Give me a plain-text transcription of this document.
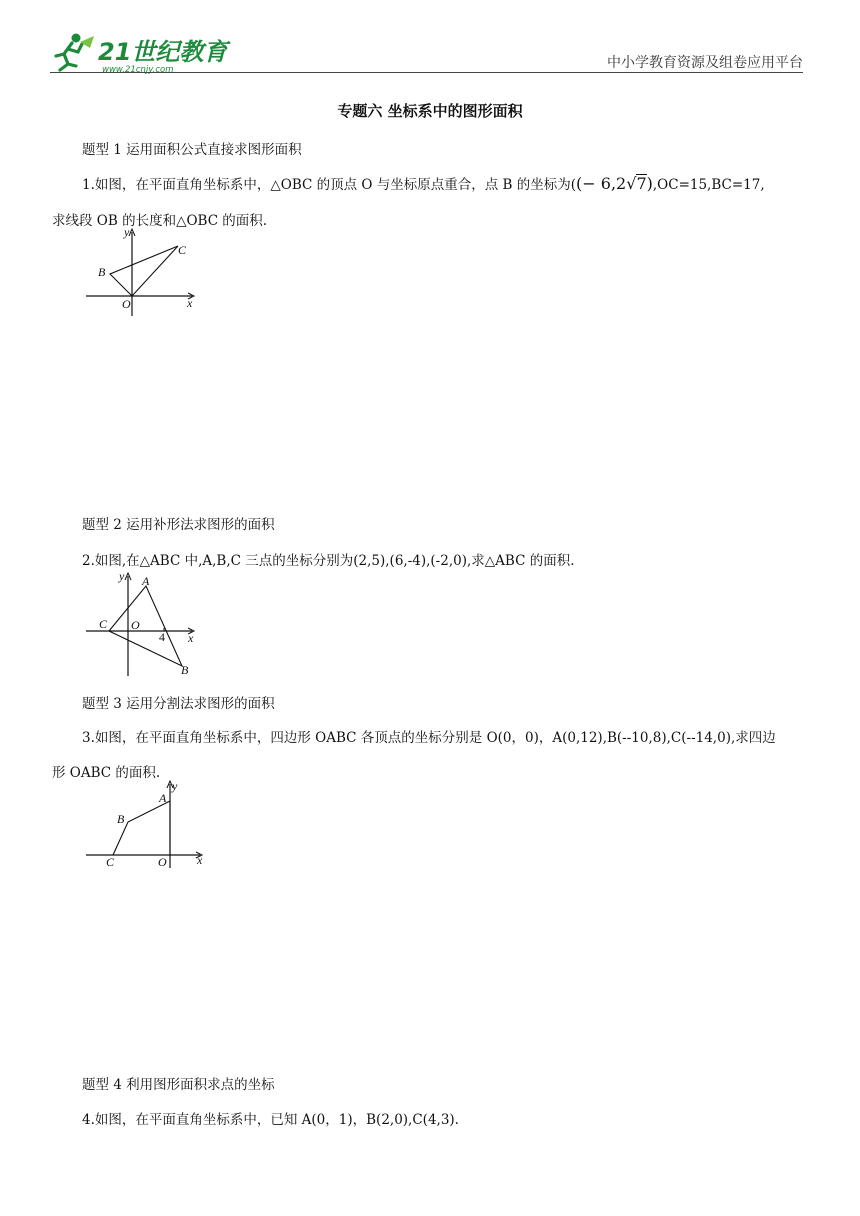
21世纪教育
www.21cnjy.com	中小学教育资源及组卷应用平台
专题六 坐标系中的图形面积
题型 1 运用面积公式直接求图形面积
1.如图，在平面直角坐标系中，△OBC 的顶点 O 与坐标原点重合，点 B 的坐标为((− 6,2√7),OC=15,BC=17,
求线段 OB 的长度和△OBC 的面积.
y
x
O
B
C
题型 2 运用补形法求图形的面积
2.如图,在△ABC 中,A,B,C 三点的坐标分别为(2,5),(6,-4),(-2,0),求△ABC 的面积.
y
x
A
C O
4
B
题型 3 运用分割法求图形的面积
3.如图，在平面直角坐标系中，四边形 OABC 各顶点的坐标分别是 O(0，0)，A(0,12),B(--10,8),C(--14,0),求四边
形 OABC 的面积.
y
x
A
B
C	O
题型 4 利用图形面积求点的坐标
4.如图，在平面直角坐标系中，已知 A(0，1)，B(2,0),C(4,3).
